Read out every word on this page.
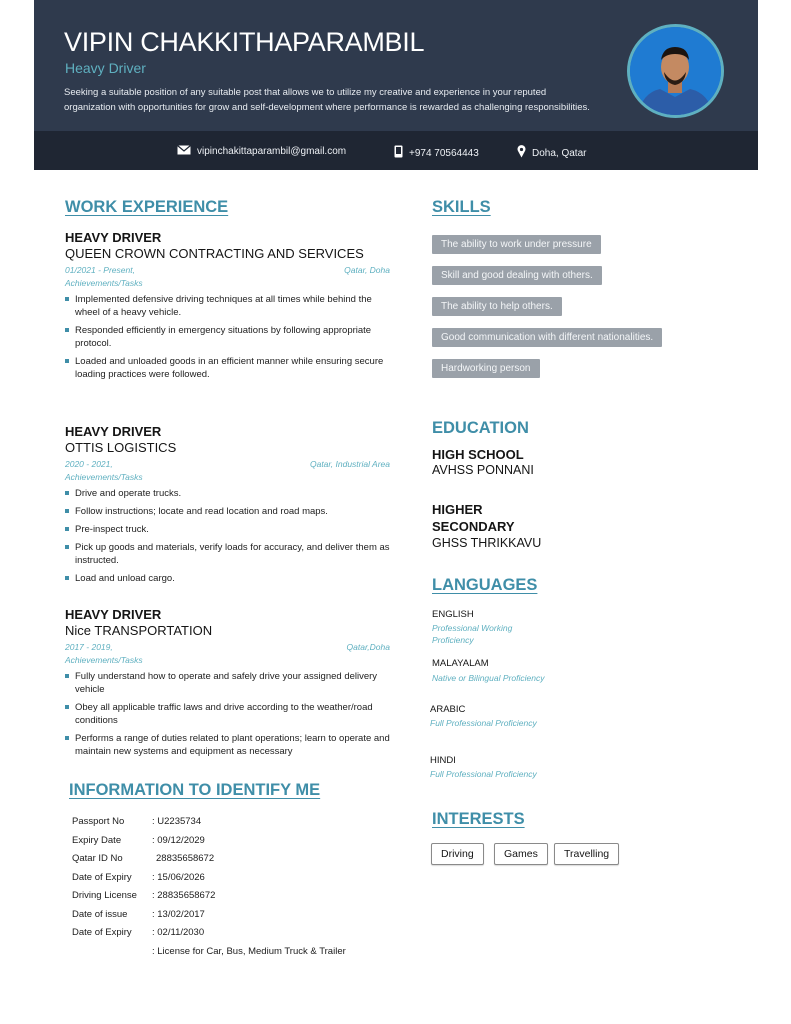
VIPIN CHAKKITHAPARAMBIL
Heavy Driver
Seeking a suitable position of any suitable post that allows we to utilize my creative and experience in your reputed organization with opportunities for grow and self-development where performance is rewarded as challenging responsibilities.
vipinchakittaparambil@gmail.com	+974 70564443	Doha, Qatar
WORK EXPERIENCE
HEAVY DRIVER
QUEEN CROWN CONTRACTING AND SERVICES
01/2021 - Present,	Qatar, Doha
Achievements/Tasks
Implemented defensive driving techniques at all times while behind the wheel of a heavy vehicle.
Responded efficiently in emergency situations by following appropriate protocol.
Loaded and unloaded goods in an efficient manner while ensuring secure loading practices were followed.
HEAVY DRIVER
OTTIS LOGISTICS
2020 - 2021,	Qatar, Industrial Area
Achievements/Tasks
Drive and operate trucks.
Follow instructions; locate and read location and road maps.
Pre-inspect truck.
Pick up goods and materials, verify loads for accuracy, and deliver them as instructed.
Load and unload cargo.
HEAVY DRIVER
Nice TRANSPORTATION
2017 - 2019,	Qatar,Doha
Achievements/Tasks
Fully understand how to operate and safely drive your assigned delivery vehicle
Obey all applicable traffic laws and drive according to the weather/road conditions
Performs a range of duties related to plant operations; learn to operate and maintain new systems and equipment as necessary
INFORMATION TO IDENTIFY ME
Passport No	: U2235734
Expiry Date	: 09/12/2029
Qatar ID No	28835658672
Date of Expiry	: 15/06/2026
Driving License	: 28835658672
Date of issue	: 13/02/2017
Date of Expiry	: 02/11/2030
: License for Car, Bus, Medium Truck & Trailer
SKILLS
The ability to work under pressure
Skill and good dealing with others.
The ability to help others.
Good communication with different nationalities.
Hardworking person
EDUCATION
HIGH SCHOOL
AVHSS PONNANI
HIGHER SECONDARY
GHSS THRIKKAVU
LANGUAGES
ENGLISH
Professional Working Proficiency
MALAYALAM
Native or Bilingual Proficiency
ARABIC
Full Professional Proficiency
HINDI
Full Professional Proficiency
INTERESTS
Driving	Games	Travelling
